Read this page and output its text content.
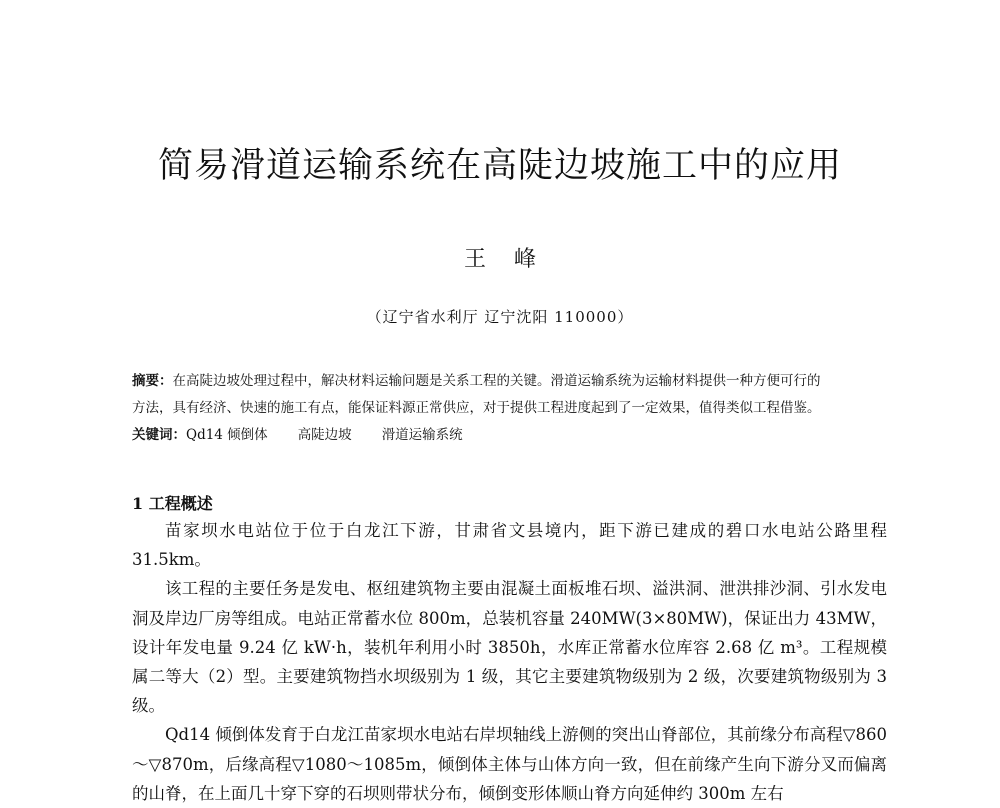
简易滑道运输系统在高陡边坡施工中的应用
王峰
（辽宁省水利厅 辽宁沈阳 110000）
摘要：在高陡边坡处理过程中，解决材料运输问题是关系工程的关键。滑道运输系统为运输材料提供一种方便可行的
方法，具有经济、快速的施工有点，能保证料源正常供应，对于提供工程进度起到了一定效果，值得类似工程借鉴。
关键词：Qd14 倾倒体 高陡边坡 滑道运输系统
1 工程概述

苗家坝水电站位于位于白龙江下游，甘肃省文县境内，距下游已建成的碧口水电站公路里程31.5km。

该工程的主要任务是发电、枢纽建筑物主要由混凝土面板堆石坝、溢洪洞、泄洪排沙洞、引水发电洞及岸边厂房等组成。电站正常蓄水位 800m，总装机容量 240MW(3×80MW)，保证出力 43MW，设计年发电量 9.24 亿 kW·h，装机年利用小时 3850h，水库正常蓄水位库容 2.68 亿 m³。工程规模属二等大（2）型。主要建筑物挡水坝级别为 1 级，其它主要建筑物级别为 2 级，次要建筑物级别为 3 级。

Qd14 倾倒体发育于白龙江苗家坝水电站右岸坝轴线上游侧的突出山脊部位，其前缘分布高程▽860～▽870m，后缘高程▽1080～1085m，倾倒体主体与山体方向一致，但在前缘产生向下游分叉而偏离的山脊，在上面几十穿下穿的石坝则带状分布，倾倒变形体顺山脊方向延伸约 300m 左右
